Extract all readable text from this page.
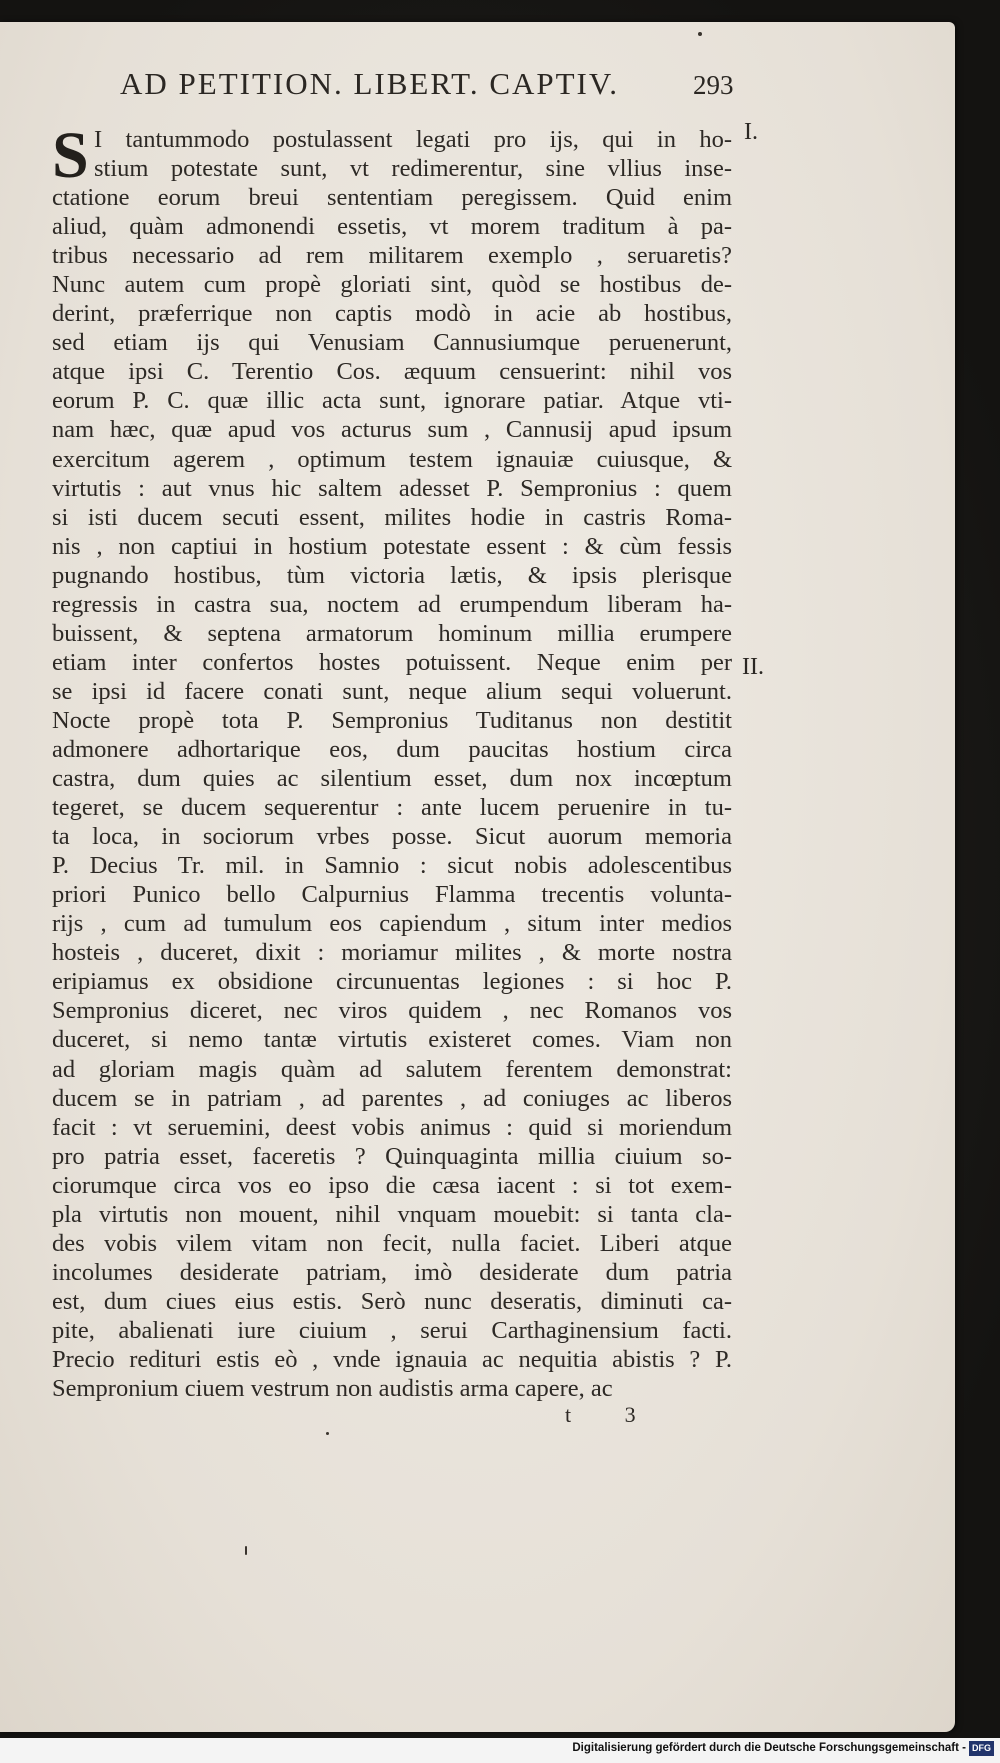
AD PETITION. LIBERT. CAPTIV.	293
S I tantummodo postulassent legati pro ijs, qui in ho-
stium potestate sunt, vt redimerentur, sine vllius inse-
ctatione eorum breui sententiam peregissem. Quid enim
aliud, quàm admonendi essetis, vt morem traditum à pa-
tribus necessario ad rem militarem exemplo , seruaretis?
Nunc autem cum propè gloriati sint, quòd se hostibus de-
derint, præferrique non captis modò in acie ab hostibus,
sed etiam ijs qui Venusiam Cannusiumque peruenerunt,
atque ipsi C. Terentio Cos. æquum censuerint: nihil vos
eorum P. C. quæ illic acta sunt, ignorare patiar. Atque vti-
nam hæc, quæ apud vos acturus sum , Cannusij apud ipsum
exercitum agerem , optimum testem ignauiæ cuiusque, &
virtutis : aut vnus hic saltem adesset P. Sempronius : quem
si isti ducem secuti essent, milites hodie in castris Roma-
nis , non captiui in hostium potestate essent : & cùm fessis
pugnando hostibus, tùm victoria lætis, & ipsis plerisque
regressis in castra sua, noctem ad erumpendum liberam ha-
buissent, & septena armatorum hominum millia erumpere
etiam inter confertos hostes potuissent. Neque enim per
se ipsi id facere conati sunt, neque alium sequi voluerunt.
Nocte propè tota P. Sempronius Tuditanus non destitit
admonere adhortarique eos, dum paucitas hostium circa
castra, dum quies ac silentium esset, dum nox incœptum
tegeret, se ducem sequerentur : ante lucem peruenire in tu-
ta loca, in sociorum vrbes posse. Sicut auorum memoria
P. Decius Tr. mil. in Samnio : sicut nobis adolescentibus
priori Punico bello Calpurnius Flamma trecentis volunta-
rijs , cum ad tumulum eos capiendum , situm inter medios
hosteis , duceret, dixit : moriamur milites , & morte nostra
eripiamus ex obsidione circunuentas legiones : si hoc P.
Sempronius diceret, nec viros quidem , nec Romanos vos
duceret, si nemo tantæ virtutis existeret comes. Viam non
ad gloriam magis quàm ad salutem ferentem demonstrat:
ducem se in patriam , ad parentes , ad coniuges ac liberos
facit : vt seruemini, deest vobis animus : quid si moriendum
pro patria esset, faceretis ? Quinquaginta millia ciuium so-
ciorumque circa vos eo ipso die cæsa iacent : si tot exem-
pla virtutis non mouent, nihil vnquam mouebit: si tanta cla-
des vobis vilem vitam non fecit, nulla faciet. Liberi atque
incolumes desiderate patriam, imò desiderate dum patria
est, dum ciues eius estis. Serò nunc deseratis, diminuti ca-
pite, abalienati iure ciuium , serui Carthaginensium facti.
Precio redituri estis eò , vnde ignauia ac nequitia abistis ? P.
Sempronium ciuem vestrum non audistis arma capere, ac
I.
II.
t 3
Digitalisierung gefördert durch die Deutsche Forschungsgemeinschaft - DFG
